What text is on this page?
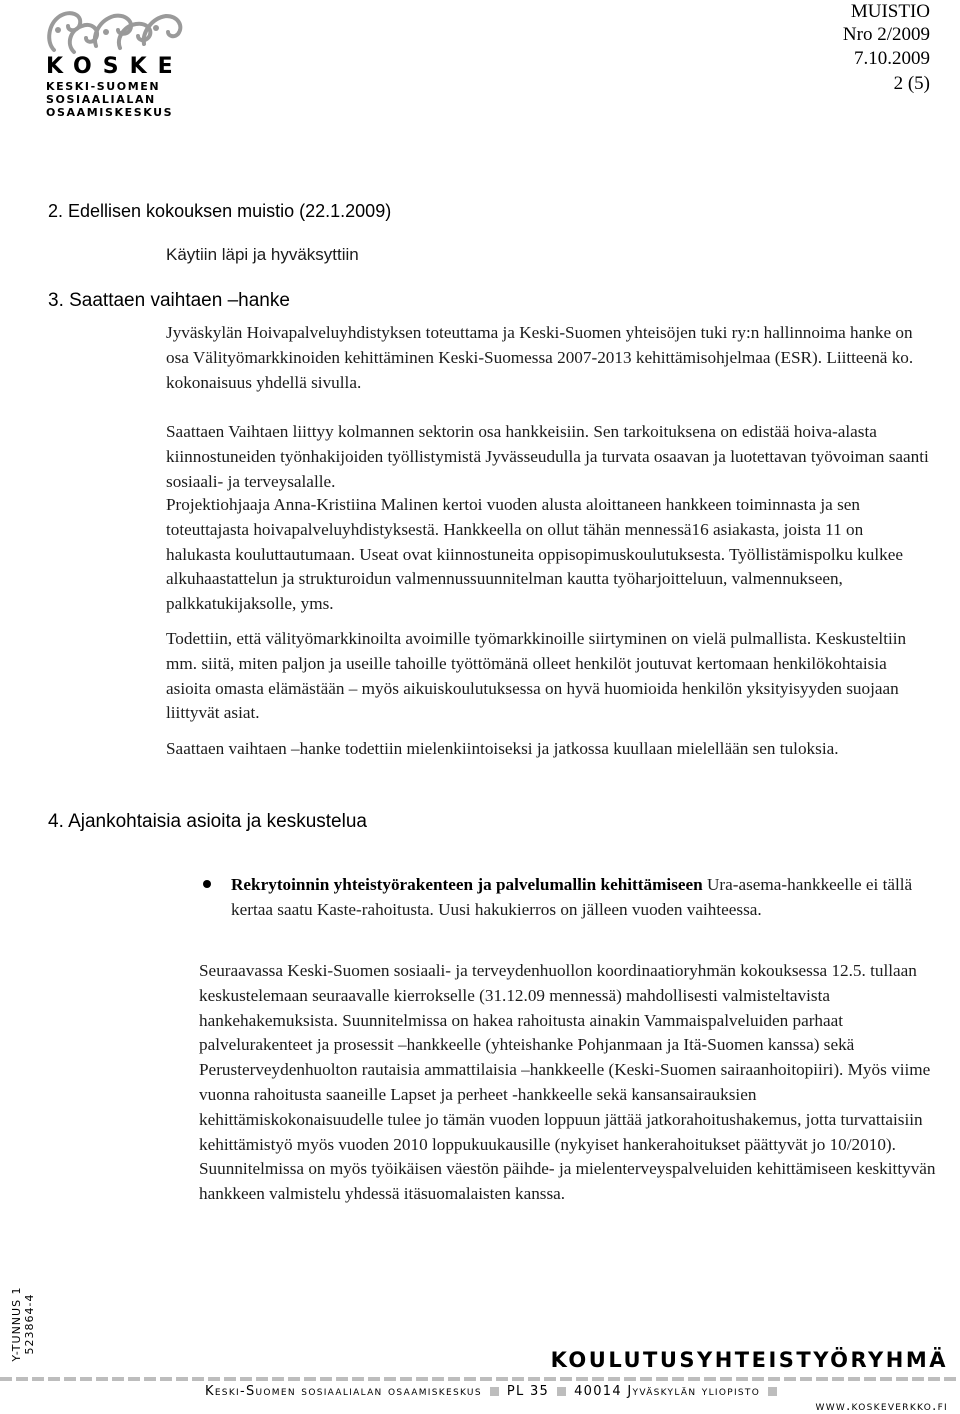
KOSKE
KESKI-SUOMEN
SOSIAALIALAN
OSAAMISKESKUS
MUISTIO
Nro 2/2009
7.10.2009
2 (5)
2. Edellisen kokouksen muistio (22.1.2009)
Käytiin läpi ja hyväksyttiin
3. Saattaen vaihtaen –hanke

Jyväskylän Hoivapalveluyhdistyksen toteuttama ja Keski-Suomen yhteisöjen tuki ry:n hallinnoima hanke on osa Välityömarkkinoiden kehittäminen Keski-Suomessa 2007-2013 kehittämisohjelmaa (ESR). Liitteenä ko. kokonaisuus yhdellä sivulla.

Saattaen Vaihtaen liittyy kolmannen sektorin osa hankkeisiin. Sen tarkoituksena on edistää hoiva-alasta kiinnostuneiden työnhakijoiden työllistymistä Jyvässeudulla ja turvata osaavan ja luotettavan työvoiman saanti sosiaali- ja terveysalalle.

Projektiohjaaja Anna-Kristiina Malinen kertoi vuoden alusta aloittaneen hankkeen toiminnasta ja sen toteuttajasta hoivapalveluyhdistyksestä. Hankkeella on ollut tähän mennessä16 asiakasta, joista 11 on halukasta kouluttautumaan. Useat ovat kiinnostuneita oppisopimuskoulutuksesta. Työllistämispolku kulkee alkuhaastattelun ja strukturoidun valmennussuunnitelman kautta työharjoitteluun, valmennukseen, palkkatukijaksolle, yms.

Todettiin, että välityömarkkinoilta avoimille työmarkkinoille siirtyminen on vielä pulmallista. Keskusteltiin mm. siitä, miten paljon ja useille tahoille työttömänä olleet henkilöt joutuvat kertomaan henkilökohtaisia asioita omasta elämästään – myös aikuiskoulutuksessa on hyvä huomioida henkilön yksityisyyden suojaan liittyvät asiat.

Saattaen vaihtaen –hanke todettiin mielenkiintoiseksi ja jatkossa kuullaan mielellään sen tuloksia.

4. Ajankohtaisia asioita ja keskustelua

Rekrytoinnin yhteistyörakenteen ja palvelumallin kehittämiseen Ura-asema-hankkeelle ei tällä kertaa saatu Kaste-rahoitusta. Uusi hakukierros on jälleen vuoden vaihteessa.

Seuraavassa Keski-Suomen sosiaali- ja terveydenhuollon koordinaatioryhmän kokouksessa 12.5. tullaan keskustelemaan seuraavalle kierrokselle (31.12.09 mennessä) mahdollisesti valmisteltavista hankehakemuksista. Suunnitelmissa on hakea rahoitusta ainakin Vammaispalveluiden parhaat palvelurakenteet ja prosessit –hankkeelle (yhteishanke Pohjanmaan ja Itä-Suomen kanssa) sekä Perusterveydenhuolton rautaisia ammattilaisia –hankkeelle (Keski-Suomen sairaanhoitopiiri). Myös viime vuonna rahoitusta saaneille Lapset ja perheet -hankkeelle sekä kansansairauksien kehittämiskokonaisuudelle tulee jo tämän vuoden loppuun jättää jatkorahoitushakemus, jotta turvattaisiin kehittämistyö myös vuoden 2010 loppukuukausille (nykyiset hankerahoitukset päättyvät jo 10/2010). Suunnitelmissa on myös työikäisen väestön päihde- ja mielenterveyspalveluiden kehittämiseen keskittyvän hankkeen valmistelu yhdessä itäsuomalaisten kanssa.

Y-TUNNUS 1 523864-4
KOULUTUSYHTEISTYÖRYHMÄ
Keski-Suomen sosiaalialan osaamiskeskus PL 35 40014 Jyväskylän yliopisto
www.koskeverkko.fi
